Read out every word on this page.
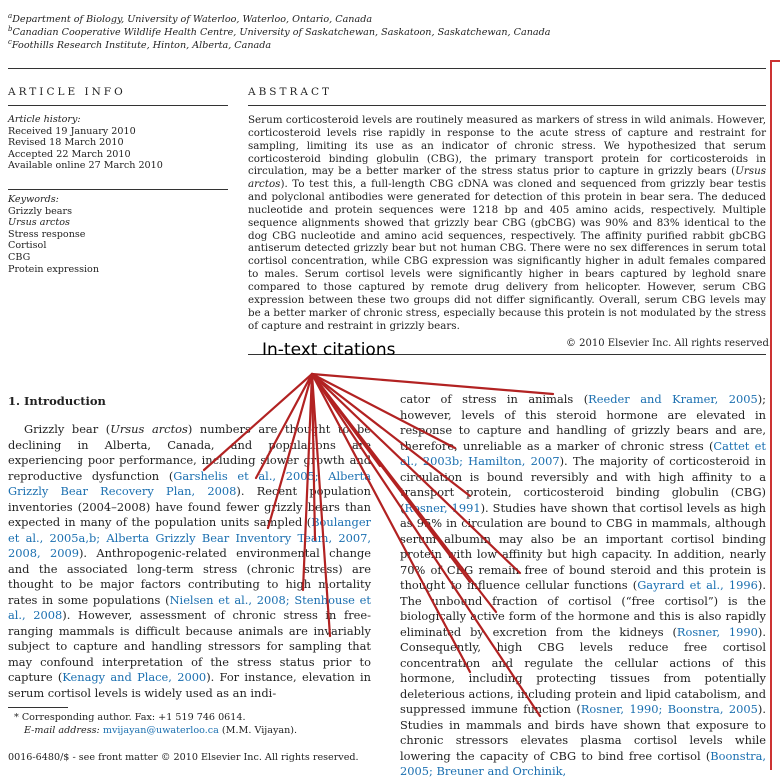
$^a$Department of Biology, University of Waterloo, Waterloo, Ontario, Canada
$^b$Canadian Cooperative Wildlife Health Centre, University of Saskatchewan, Saskatoon, Saskatchewan, Canada
$^c$Foothills Research Institute, Hinton, Alberta, Canada
ARTICLE INFO	ABSTRACT
Article history:
Received 19 January 2010
Revised 18 March 2010
Accepted 22 March 2010
Available online 27 March 2010
Keywords:
Grizzly bears
Ursus arctos
Stress response
Cortisol
CBG
Protein expression
Serum corticosteroid levels are routinely measured as markers of stress in wild animals. However, corticosteroid levels rise rapidly in response to the acute stress of capture and restraint for sampling, limiting its use as an indicator of chronic stress. We hypothesized that serum corticosteroid binding globulin (CBG), the primary transport protein for corticosteroids in circulation, may be a better marker of the stress status prior to capture in grizzly bears (Ursus arctos). To test this, a full-length CBG cDNA was cloned and sequenced from grizzly bear testis and polyclonal antibodies were generated for detection of this protein in bear sera. The deduced nucleotide and protein sequences were 1218 bp and 405 amino acids, respectively. Multiple sequence alignments showed that grizzly bear CBG (gbCBG) was 90% and 83% identical to the dog CBG nucleotide and amino acid sequences, respectively. The affinity purified rabbit gbCBG antiserum detected grizzly bear but not human CBG. There were no sex differences in serum total cortisol concentration, while CBG expression was significantly higher in adult females compared to males. Serum cortisol levels were significantly higher in bears captured by leghold snare compared to those captured by remote drug delivery from helicopter. However, serum CBG expression between these two groups did not differ significantly. Overall, serum CBG levels may be a better marker of chronic stress, especially because this protein is not modulated by the stress of capture and restraint in grizzly bears.
© 2010 Elsevier Inc. All rights reserved.
In-text citations
1. Introduction
Grizzly bear (Ursus arctos) numbers are thought to be declining in Alberta, Canada, and populations are experiencing poor performance, including slower growth and reproductive dysfunction (Garshelis et al., 2005; Alberta Grizzly Bear Recovery Plan, 2008). Recent population inventories (2004–2008) have found fewer grizzly bears than expected in many of the population units sampled (Boulanger et al., 2005a,b; Alberta Grizzly Bear Inventory Team, 2007, 2008, 2009). Anthropogenic-related environmental change and the associated long-term stress (chronic stress) are thought to be major factors contributing to high mortality rates in some populations (Nielsen et al., 2008; Stenhouse et al., 2008). However, assessment of chronic stress in free-ranging mammals is difficult because animals are invariably subject to capture and handling stressors for sampling that may confound interpretation of the stress status prior to capture (Kenagy and Place, 2000). For instance, elevation in serum cortisol levels is widely used as an indi-
cator of stress in animals (Reeder and Kramer, 2005); however, levels of this steroid hormone are elevated in response to capture and handling of grizzly bears and are, therefore, unreliable as a marker of chronic stress (Cattet et al., 2003b; Hamilton, 2007). The majority of corticosteroid in circulation is bound reversibly and with high affinity to a transport protein, corticosteroid binding globulin (CBG) (Rosner, 1991). Studies have shown that cortisol levels as high as 95% in circulation are bound to CBG in mammals, although serum albumin may also be an important cortisol binding protein with low affinity but high capacity. In addition, nearly 70% of CBG remain free of bound steroid and this protein is thought to influence cellular functions (Gayrard et al., 1996). The unbound fraction of cortisol (“free cortisol”) is the biologically active form of the hormone and this is also rapidly eliminated by excretion from the kidneys (Rosner, 1990). Consequently, high CBG levels reduce free cortisol concentration and regulate the cellular actions of this hormone, including protecting tissues from potentially deleterious actions, including protein and lipid catabolism, and suppressed immune function (Rosner, 1990; Boonstra, 2005). Studies in mammals and birds have shown that exposure to chronic stressors elevates plasma cortisol levels while lowering the capacity of CBG to bind free cortisol (Boonstra, 2005; Breuner and Orchinik,
* Corresponding author. Fax: +1 519 746 0614.
E-mail address: mvijayan@uwaterloo.ca (M.M. Vijayan).
0016-6480/$ - see front matter © 2010 Elsevier Inc. All rights reserved.
